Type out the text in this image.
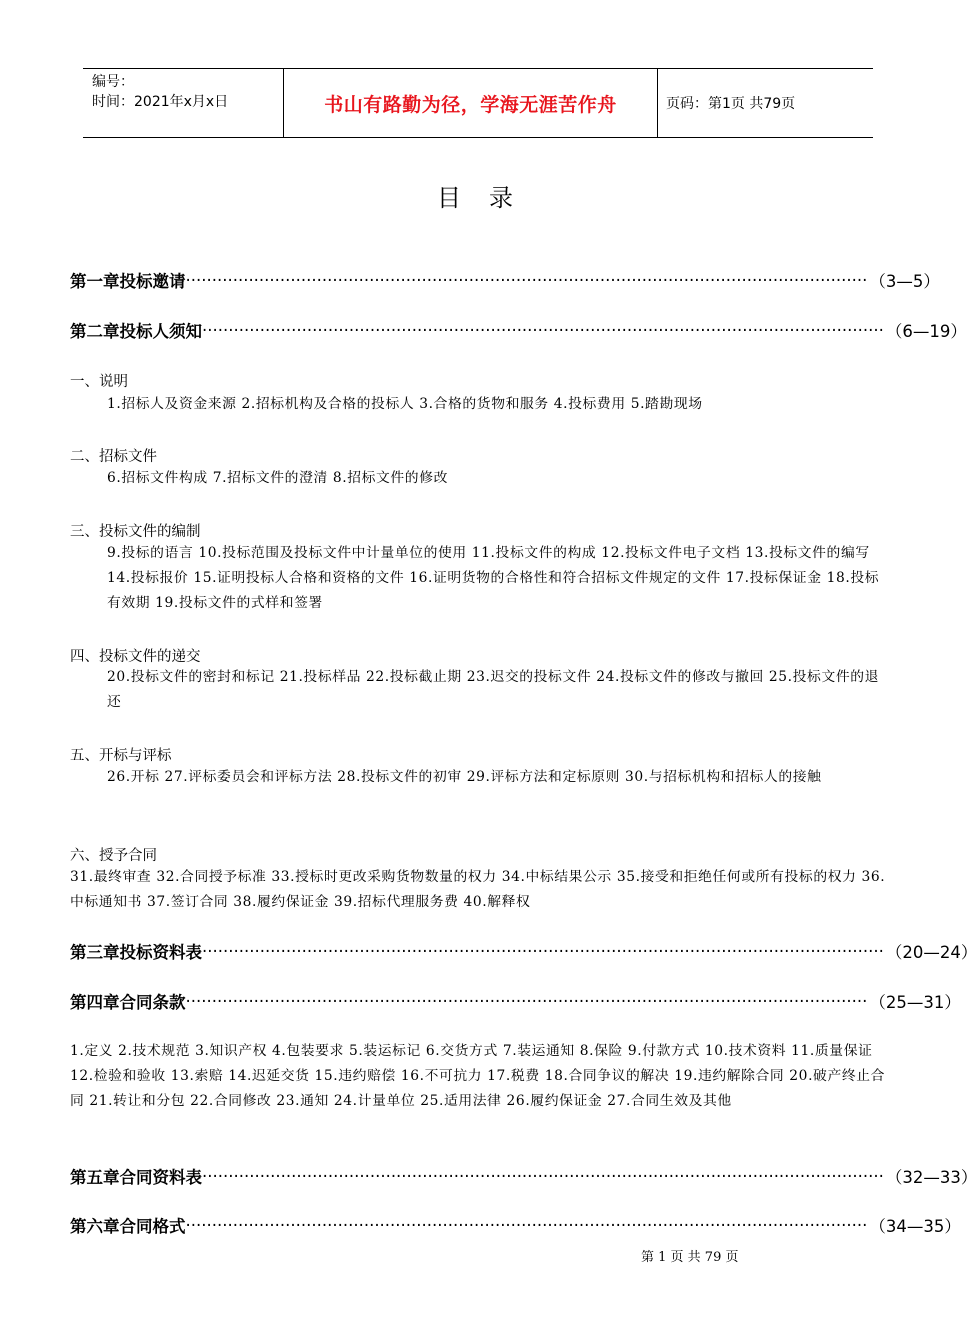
编号：
时间：2021年x月x日	书山有路勤为径，学海无涯苦作舟	页码：第1页 共79页
目 录
第一章 投标邀请 ·································································································································· （3—5）
第二章 投标人须知 ·································································································································· （6—19）
一、说明
1.招标人及资金来源 2.招标机构及合格的投标人 3.合格的货物和服务 4.投标费用 5.踏勘现场
二、招标文件
6.招标文件构成 7.招标文件的澄清 8.招标文件的修改
三、投标文件的编制
9.投标的语言 10.投标范围及投标文件中计量单位的使用 11.投标文件的构成 12.投标文件电子文档 13.投标文件的编写 14.投标报价 15.证明投标人合格和资格的文件 16.证明货物的合格性和符合招标文件规定的文件 17.投标保证金 18.投标有效期 19.投标文件的式样和签署
四、投标文件的递交
20.投标文件的密封和标记 21.投标样品 22.投标截止期 23.迟交的投标文件 24.投标文件的修改与撤回 25.投标文件的退还
五、开标与评标
26.开标 27.评标委员会和评标方法 28.投标文件的初审 29.评标方法和定标原则 30.与招标机构和招标人的接触
六、授予合同
31.最终审查 32.合同授予标准 33.授标时更改采购货物数量的权力 34.中标结果公示 35.接受和拒绝任何或所有投标的权力 36.中标通知书 37.签订合同 38.履约保证金 39.招标代理服务费 40.解释权
第三章 投标资料表 ·································································································································· （20—24）
第四章 合同条款 ·································································································································· （25—31）
1.定义 2.技术规范 3.知识产权 4.包装要求 5.装运标记 6.交货方式 7.装运通知 8.保险 9.付款方式 10.技术资料 11.质量保证 12.检验和验收 13.索赔 14.迟延交货 15.违约赔偿 16.不可抗力 17.税费 18.合同争议的解决 19.违约解除合同 20.破产终止合同 21.转让和分包 22.合同修改 23.通知 24.计量单位 25.适用法律 26.履约保证金 27.合同生效及其他
第五章 合同资料表 ·································································································································· （32—33）
第六章 合同格式 ·································································································································· （34—35）
第 1 页 共 79 页
